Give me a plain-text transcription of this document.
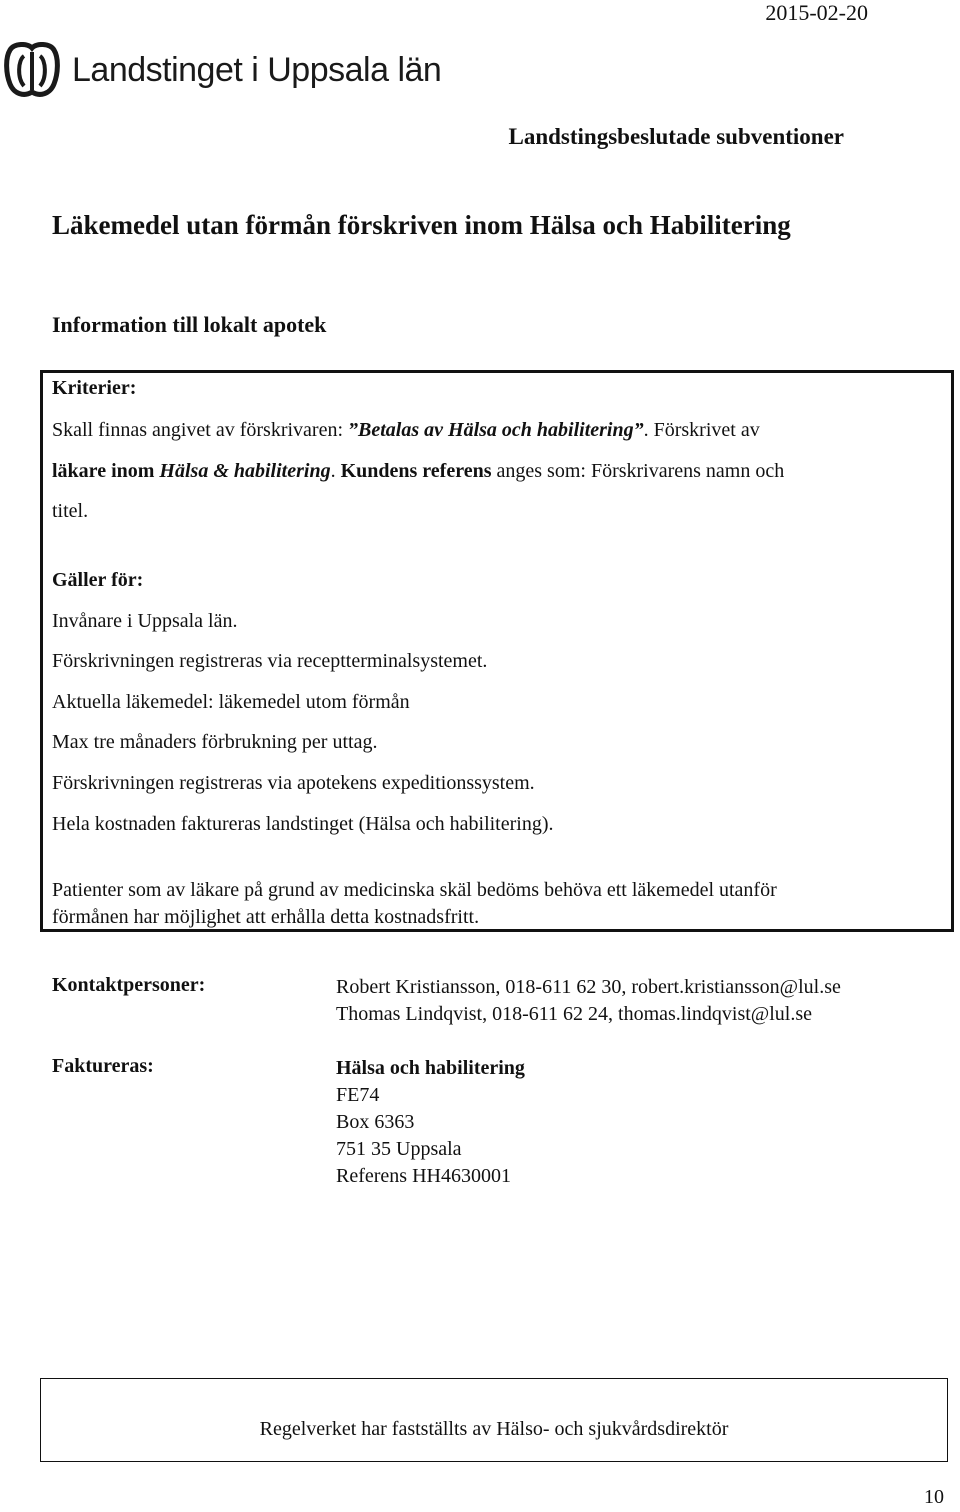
2015-02-20
Landstinget i Uppsala län
Landstingsbeslutade subventioner
Läkemedel utan förmån förskriven inom Hälsa och Habilitering
Information till lokalt apotek
Kriterier:
Skall finnas angivet av förskrivaren: ”Betalas av Hälsa och habilitering”. Förskrivet av
läkare inom Hälsa & habilitering. Kundens referens anges som: Förskrivarens namn och
titel.
Gäller för:
Invånare i Uppsala län.
Förskrivningen registreras via receptterminalsystemet.
Aktuella läkemedel: läkemedel utom förmån
Max tre månaders förbrukning per uttag.
Förskrivningen registreras via apotekens expeditionssystem.
Hela kostnaden faktureras landstinget (Hälsa och habilitering).
Patienter som av läkare på grund av medicinska skäl bedöms behöva ett läkemedel utanför
förmånen har möjlighet att erhålla detta kostnadsfritt.
Kontaktpersoner:	Robert Kristiansson, 018-611 62 30, robert.kristiansson@lul.se
Thomas Lindqvist, 018-611 62 24, thomas.lindqvist@lul.se
Faktureras:	Hälsa och habilitering
FE74
Box 6363
751 35 Uppsala
Referens HH4630001
Regelverket har fastställts av Hälso- och sjukvårdsdirektör
10
